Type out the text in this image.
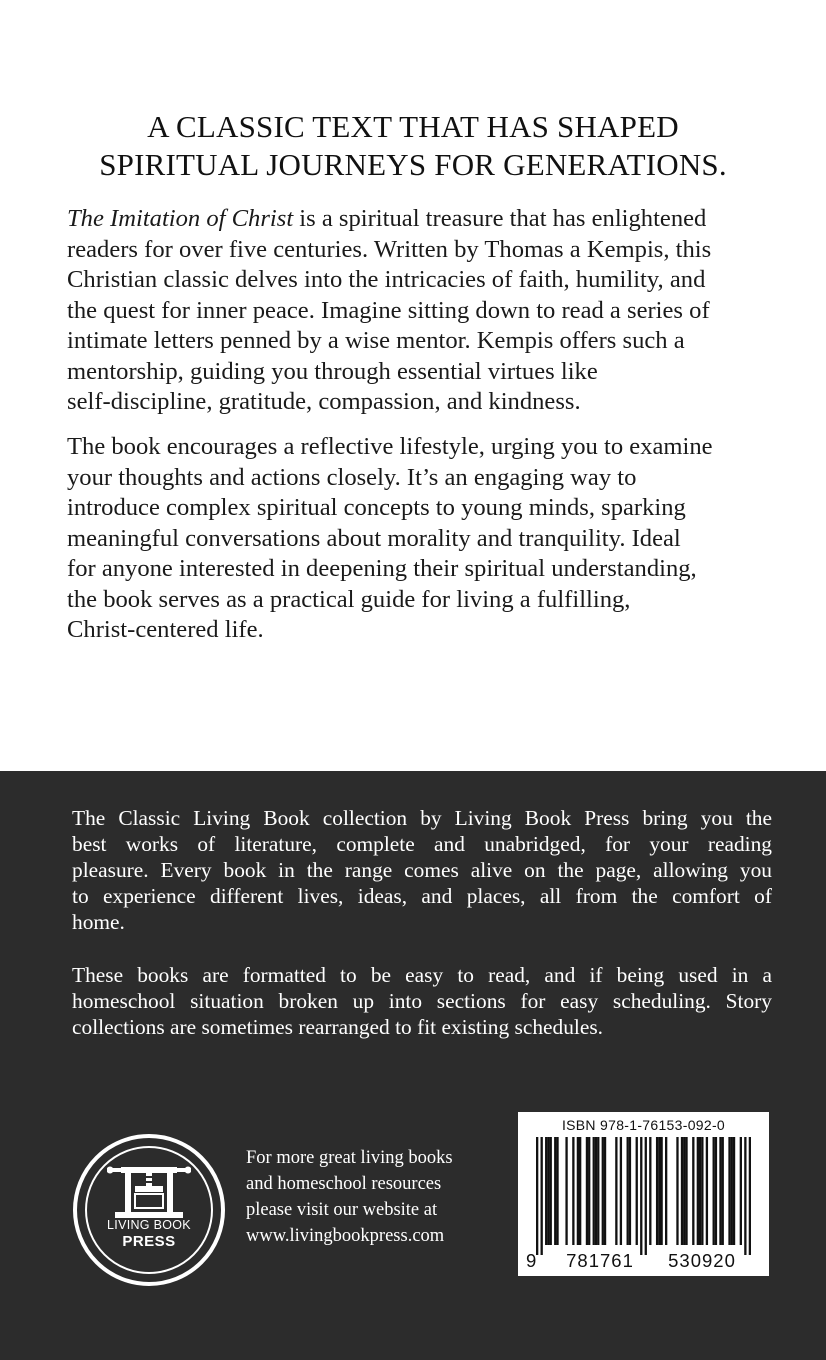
A CLASSIC TEXT THAT HAS SHAPED
SPIRITUAL JOURNEYS FOR GENERATIONS.
The Imitation of Christ is a spiritual treasure that has enlightened
readers for over five centuries. Written by Thomas a Kempis, this
Christian classic delves into the intricacies of faith, humility, and
the quest for inner peace. Imagine sitting down to read a series of
intimate letters penned by a wise mentor. Kempis offers such a
mentorship, guiding you through essential virtues like
self-discipline, gratitude, compassion, and kindness.
The book encourages a reflective lifestyle, urging you to examine
your thoughts and actions closely. It’s an engaging way to
introduce complex spiritual concepts to young minds, sparking
meaningful conversations about morality and tranquility. Ideal
for anyone interested in deepening their spiritual understanding,
the book serves as a practical guide for living a fulfilling,
Christ-centered life.
The Classic Living Book collection by Living Book Press bring you the
best works of literature, complete and unabridged, for your reading
pleasure. Every book in the range comes alive on the page, allowing you
to experience different lives, ideas, and places, all from the comfort of
home.
These books are formatted to be easy to read, and if being used in a
homeschool situation broken up into sections for easy scheduling. Story
collections are sometimes rearranged to fit existing schedules.
LIVING BOOK
PRESS
For more great living books
and homeschool resources
please visit our website at
www.livingbookpress.com
ISBN 978-1-76153-092-0
9	781761	530920
